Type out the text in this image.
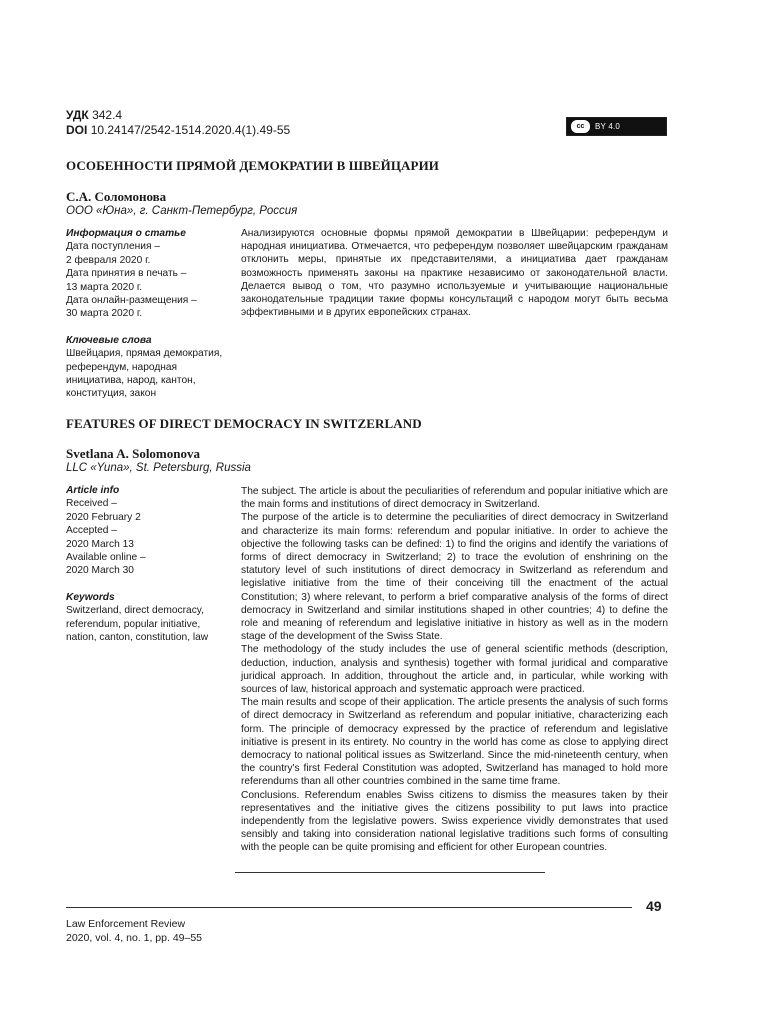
УДК 342.4
DOI 10.24147/2542-1514.2020.4(1).49-55	cc	BY 4.0
ОСОБЕННОСТИ ПРЯМОЙ ДЕМОКРАТИИ В ШВЕЙЦАРИИ
С.А. Соломонова
ООО «Юна», г. Санкт-Петербург, Россия
Информация о статье
Дата поступления –
2 февраля 2020 г.
Дата принятия в печать –
13 марта 2020 г.
Дата онлайн-размещения –
30 марта 2020 г.
Ключевые слова
Швейцария, прямая демократия,
референдум, народная
инициатива, народ, кантон,
конституция, закон

Анализируются основные формы прямой демократии в Швейцарии: референдум и народная инициатива. Отмечается, что референдум позволяет швейцарским гражданам отклонить меры, принятые их представителями, а инициатива дает гражданам возможность применять законы на практике независимо от законодательной власти. Делается вывод о том, что разумно используемые и учитывающие национальные законодательные традиции такие формы консультаций с народом могут быть весьма эффективными и в других европейских странах.

FEATURES OF DIRECT DEMOCRACY IN SWITZERLAND
Svetlana A. Solomonova
LLC «Yuna», St. Petersburg, Russia
Article info
Received –
2020 February 2
Accepted –
2020 March 13
Available online –
2020 March 30
Keywords
Switzerland, direct democracy,
referendum, popular initiative,
nation, canton, constitution, law

The subject. The article is about the peculiarities of referendum and popular initiative which are the main forms and institutions of direct democracy in Switzerland.

The purpose of the article is to determine the peculiarities of direct democracy in Switzerland and characterize its main forms: referendum and popular initiative. In order to achieve the objective the following tasks can be defined: 1) to find the origins and identify the variations of forms of direct democracy in Switzerland; 2) to trace the evolution of enshrining on the statutory level of such institutions of direct democracy in Switzerland as referendum and legislative initiative from the time of their conceiving till the enactment of the actual Constitution; 3) where relevant, to perform a brief comparative analysis of the forms of direct democracy in Switzerland and similar institutions shaped in other countries; 4) to define the role and meaning of referendum and legislative initiative in history as well as in the modern stage of the development of the Swiss State.

The methodology of the study includes the use of general scientific methods (description, deduction, induction, analysis and synthesis) together with formal juridical and comparative juridical approach. In addition, throughout the article and, in particular, while working with sources of law, historical approach and systematic approach were practiced.

The main results and scope of their application. The article presents the analysis of such forms of direct democracy in Switzerland as referendum and popular initiative, characterizing each form. The principle of democracy expressed by the practice of referendum and legislative initiative is present in its entirety. No country in the world has come as close to applying direct democracy to national political issues as Switzerland. Since the mid-nineteenth century, when the country's first Federal Constitution was adopted, Switzerland has managed to hold more referendums than all other countries combined in the same time frame.

Conclusions. Referendum enables Swiss citizens to dismiss the measures taken by their representatives and the initiative gives the citizens possibility to put laws into practice independently from the legislative powers. Swiss experience vividly demonstrates that used sensibly and taking into consideration national legislative traditions such forms of consulting with the people can be quite promising and efficient for other European countries.

49
Law Enforcement Review
2020, vol. 4, no. 1, pp. 49–55
